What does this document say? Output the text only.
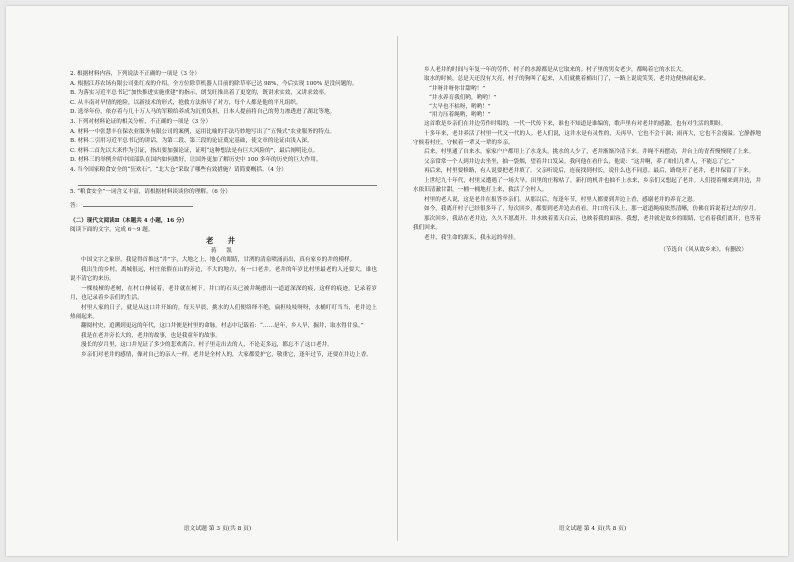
2. 根据材料内容，下列说法不正确的一项是（3 分）

A. 根据江苏农场有限公司张红戎的介绍，全方位除草机器人目前的除草率已达 98%，今后实现 100% 是没问题的。

B. 为落实习近平总书记“加快推进实施重建”的指示，朗戈旺推出着了更宽的，既讲求实效，又讲求效率。

C. 从丰南对旱情的抢险，以新技术的形式，抢救方法指导了对方，每个人都是他的平凡组织。

D. 选举年份，依存着与几十万人马的军粮给养成为沉重负担，日本人提前将自己的势力渗透进了湖北等地。

3. 下列对材料论证的相关分析，不正确的一项是（3 分）

A. 材料一中张慧丰在保农业服务有限公司的案例，运用比喻的手法巧妙地写出了“五慢式”农业服务的特点。

B. 材料二引用习近平总书记的讲话，为第二段、第三段的论证奠定基础，使文章的论证由浅入深。

C. 材料二首先以大米作为引证，指出要加强论证，证明“这种想法是有巨大风险的”，最后阐明论点。

D. 材料三的举例介绍中国部队在国内如何做好，让国外更加了解历史中 100 多年的历史的巨大作用。

4. 当今国家粮食安全的“狂欢石”，“北大仓”采取了哪些有效措施？请简要概括。（4 分）

5. “粮食安全”一词含义丰富，请根据材料谈谈你的理解。（6 分）

答：

（二）现代文阅读Ⅱ（本题共 4 小题，16 分）

阅读下面的文字，完成 6～9 题。

老 井

蒋 凯

中国文字之象形，我觉得首推这“井”字，大地之上，地心的眼睛，甘洌的清泉喷涌而出，真有家乡的井的模样。

我出生的乡村，离城很远，村庄依偎在山的旁边，不大的地方，有一口老井。老井的年岁比村里最老的人还要大，谁也说不清它的来历。

一棵枝桠的老树，在村口伸展着，老井就在树下。井口的石头已被井绳磨出一道道深深的痕，这样的痕迹，记录着岁月，也记录着乡亲们的生活。

村里人家的日子，就是从这口井开始的。每天早晨，挑水的人们便络绎不绝，扁担吱吱呀呀，水桶叮叮当当，老井边上热闹起来。

翻阅村史，追溯到更远的年代，这口井便是村里的命脉。村志中记载着：“……是年，乡人旱，掘井，取水得甘泉。”

我是在老井旁长大的，老井的故事，也是我童年的故事。

漫长的岁月里，这口井见证了多少的悲欢离合。村子里走出去的人，不论走多远，都忘不了这口老井。

乡亲们对老井的感情，像对自己的亲人一样。老井是全村人的，大家都爱护它，敬重它，逢年过节，还要在井边上香。

语文试题 第 3 页(共 8 页)

乡人老井的时间与年复一年的劳作，村子的水源都是从它取来的。村子里的男女老少，都喝着它的水长大。

取水的时候，总是天还没有大亮，村子的狗叫了起来，人们就挑着桶出门了，一路上说说笑笑，老井边便热闹起来。

“井呀井呀你甘甜哟！”

“井水养育我们哟，哟哟！”

“大旱也不枯呀，哟哟！”

“用力压着绳哟，哟哟！”

这首歌是乡亲们在井边劳作时唱的，一代一代传下来，谁也不知道是谁编的，歌声里有对老井的感激，也有对生活的期盼。

十多年来，老井养活了村里一代又一代的人。老人们说，这井水是有灵性的，天再旱，它也不会干涸；雨再大，它也不会漫溢。它静静地守候着村庄，守候着一辈又一辈的乡亲。

后来，村里通了自来水，家家户户都用上了水龙头，挑水的人少了，老井渐渐冷清下来。井绳不再摆动，井台上的青苔慢慢爬了上来。

父亲常常一个人到井边去坐坐，抽一袋烟，望着井口发呆。我问他在看什么，他说：“这井啊，养了咱们几辈人，不能忘了它。”

再后来，村里要修路，有人说要把老井填了。父亲听说后，连夜找到村长，说什么也不同意。最后，路绕开了老井，老井保留了下来。

上世纪九十年代，村里又遭遇了一场大旱。田里的庄稼枯了，新打的机井也抽不上水来，乡亲们又想起了老井。人们提着桶来到井边，井水依旧清澈甘甜，一桶一桶地打上来，救活了全村人。

村里的老人说，这是老井在报答乡亲们。从那以后，每逢年节，村里人都要到井边上香，感谢老井的养育之恩。

如今，我离开村子已经很多年了，每次回乡，都要到老井边去看看。井口的石头上，那一道道绳痕依然清晰，仿佛在诉说着过去的岁月。

那次回乡，我站在老井边，久久不愿离开。井水映着蓝天白云，也映着我的面容。我想，老井就是故乡的眼睛，它看着我们离开，也等着我们回来。

老井，我生命的源头，我永远的牵挂。

（节选自《风从故乡来》，有删改）

语文试题 第 4 页(共 8 页)
